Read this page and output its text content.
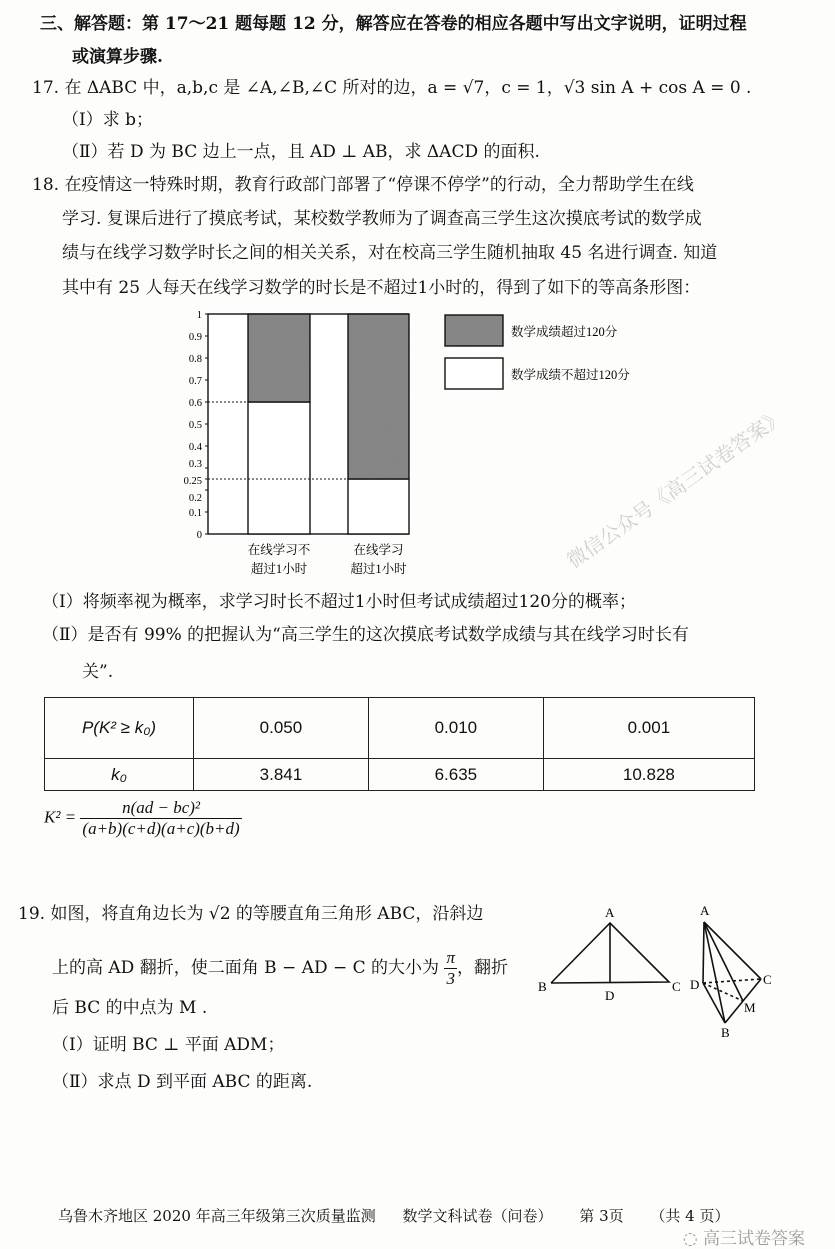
三、解答题：第 17～21 题每题 12 分，解答应在答卷的相应各题中写出文字说明，证明过程
或演算步骤.
17. 在 ΔABC 中，a,b,c 是 ∠A,∠B,∠C 所对的边，a = √7，c = 1，√3 sin A + cos A = 0 .
（Ⅰ）求 b；
（Ⅱ）若 D 为 BC 边上一点，且 AD ⊥ AB，求 ΔACD 的面积.
18. 在疫情这一特殊时期，教育行政部门部署了“停课不停学”的行动，全力帮助学生在线
学习. 复课后进行了摸底考试，某校数学教师为了调查高三学生这次摸底考试的数学成
绩与在线学习数学时长之间的相关关系，对在校高三学生随机抽取 45 名进行调查. 知道
其中有 25 人每天在线学习数学的时长是不超过1小时的，得到了如下的等高条形图：
在线学习不
超过1小时
在线学习
超过1小时
0
0.1
0.2
0.25
0.3
0.4
0.5
0.6
0.7
0.8
0.9
1
数学成绩超过120分
数学成绩不超过120分
（Ⅰ）将频率视为概率，求学习时长不超过1小时但考试成绩超过120分的概率；
（Ⅱ）是否有 99% 的把握认为“高三学生的这次摸底考试数学成绩与其在线学习时长有
关”.
微信公众号《高三试卷答案》
P(K² ≥ k₀)	0.050	0.010	0.001
k₀	3.841	6.635	10.828
$K^2 = \frac{\text{n(ad − bc)²}}{(a+b)(c+d)(a+c)(b+d)}$
19. 如图，将直角边长为 √2 的等腰直角三角形 ABC，沿斜边
上的高 AD 翻折，使二面角 B − AD − C 的大小为 $\frac{\pi}{3}$ ，翻折
后 BC 的中点为 M .
（Ⅰ）证明 BC ⊥ 平面 ADM；
（Ⅱ）求点 D 到平面 ABC 的距离.
A
B	C
D
A
D	C
M
B
乌鲁木齐地区 2020 年高三年级第三次质量监测 数学文科试卷（问卷） 第 3页 （共 4 页）
◌ 高三试卷答案
